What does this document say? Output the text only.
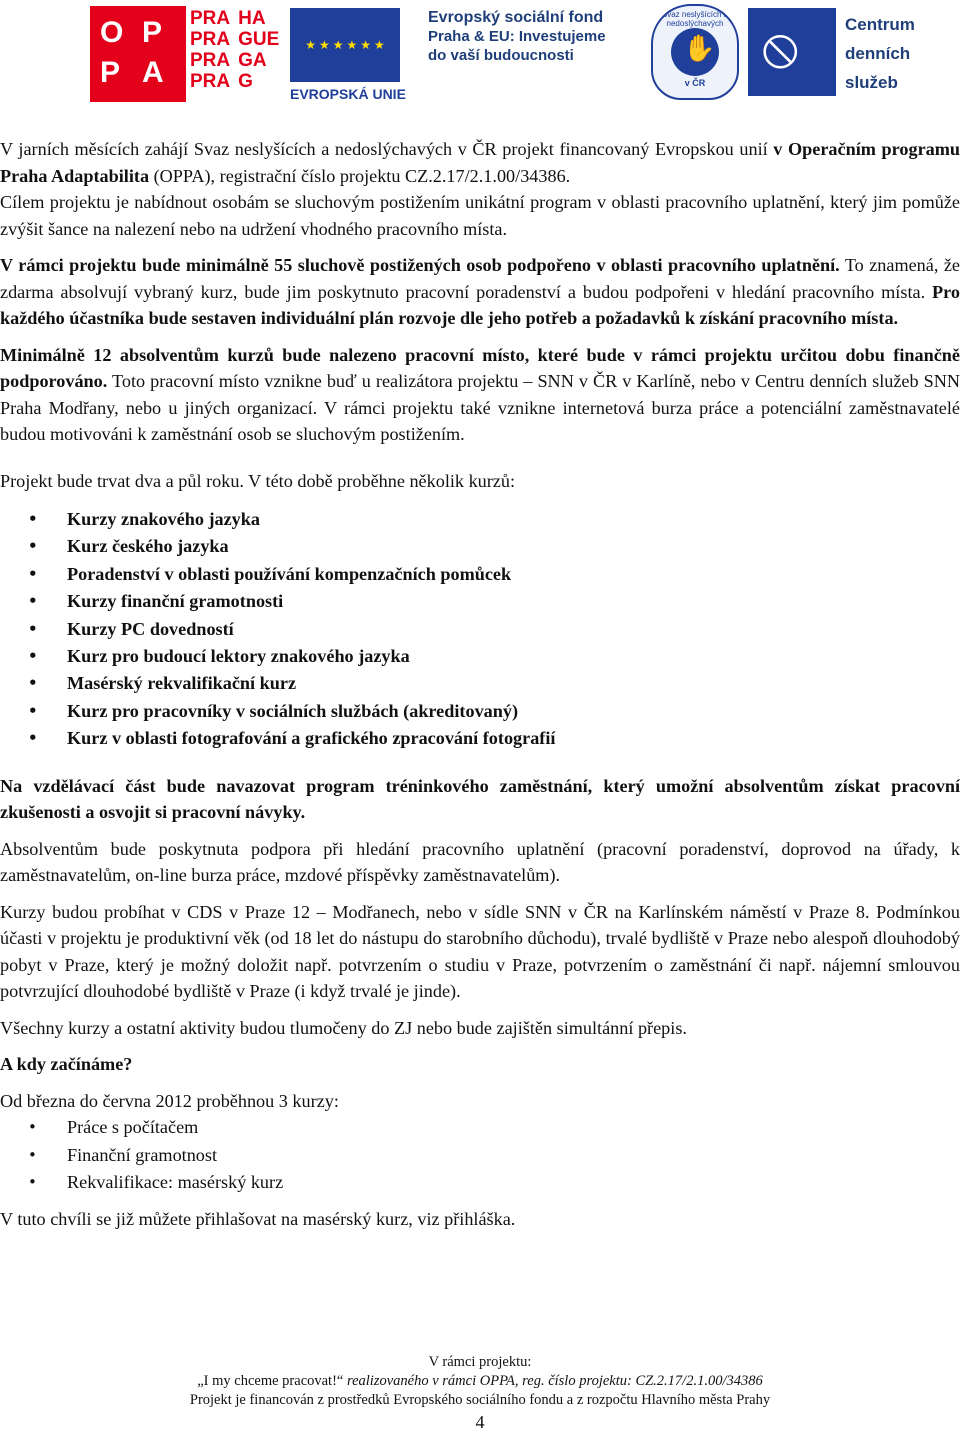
O P
P A
PRA HA
PRA GUE
PRA GA
PRA G
★ ★ ★ ★ ★ ★
EVROPSKÁ UNIE
Evropský sociální fond
Praha & EU: Investujeme
do vaší budoucnosti
Svaz neslyšících a nedoslýchavých
✋
v ČR
⦸	Centrum
denních
služeb

V jarních měsících zahájí Svaz neslyšících a nedoslýchavých v ČR projekt financovaný Evropskou unií v Operačním programu Praha Adaptabilita (OPPA), registrační číslo projektu CZ.2.17/2.1.00/34386.

Cílem projektu je nabídnout osobám se sluchovým postižením unikátní program v oblasti pracovního uplatnění, který jim pomůže zvýšit šance na nalezení nebo na udržení vhodného pracovního místa.

V rámci projektu bude minimálně 55 sluchově postižených osob podpořeno v oblasti pracovního uplatnění. To znamená, že zdarma absolvují vybraný kurz, bude jim poskytnuto pracovní poradenství a budou podpořeni v hledání pracovního místa. Pro každého účastníka bude sestaven individuální plán rozvoje dle jeho potřeb a požadavků k získání pracovního místa.

Minimálně 12 absolventům kurzů bude nalezeno pracovní místo, které bude v rámci projektu určitou dobu finančně podporováno. Toto pracovní místo vznikne buď u realizátora projektu – SNN v ČR v Karlíně, nebo v Centru denních služeb SNN Praha Modřany, nebo u jiných organizací. V rámci projektu také vznikne internetová burza práce a potenciální zaměstnavatelé budou motivováni k zaměstnání osob se sluchovým postižením.

Projekt bude trvat dva a půl roku. V této době proběhne několik kurzů:

• Kurzy znakového jazyka
• Kurz českého jazyka
• Poradenství v oblasti používání kompenzačních pomůcek
• Kurzy finanční gramotnosti
• Kurzy PC dovedností
• Kurz pro budoucí lektory znakového jazyka
• Masérský rekvalifikační kurz
• Kurz pro pracovníky v sociálních službách (akreditovaný)
• Kurz v oblasti fotografování a grafického zpracování fotografií

Na vzdělávací část bude navazovat program tréninkového zaměstnání, který umožní absolventům získat pracovní zkušenosti a osvojit si pracovní návyky.

Absolventům bude poskytnuta podpora při hledání pracovního uplatnění (pracovní poradenství, doprovod na úřady, k zaměstnavatelům, on-line burza práce, mzdové příspěvky zaměstnavatelům).

Kurzy budou probíhat v CDS v Praze 12 – Modřanech, nebo v sídle SNN v ČR na Karlínském náměstí v Praze 8. Podmínkou účasti v projektu je produktivní věk (od 18 let do nástupu do starobního důchodu), trvalé bydliště v Praze nebo alespoň dlouhodobý pobyt v Praze, který je možný doložit např. potvrzením o studiu v Praze, potvrzením o zaměstnání či např. nájemní smlouvou potvrzující dlouhodobé bydliště v Praze (i když trvalé je jinde).

Všechny kurzy a ostatní aktivity budou tlumočeny do ZJ nebo bude zajištěn simultánní přepis.

A kdy začínáme?

Od března do června 2012 proběhnou 3 kurzy:

• Práce s počítačem
• Finanční gramotnost
• Rekvalifikace: masérský kurz

V tuto chvíli se již můžete přihlašovat na masérský kurz, viz přihláška.

V rámci projektu:
„I my chceme pracovat!“ realizovaného v rámci OPPA, reg. číslo projektu: CZ.2.17/2.1.00/34386
Projekt je financován z prostředků Evropského sociálního fondu a z rozpočtu Hlavního města Prahy
4
